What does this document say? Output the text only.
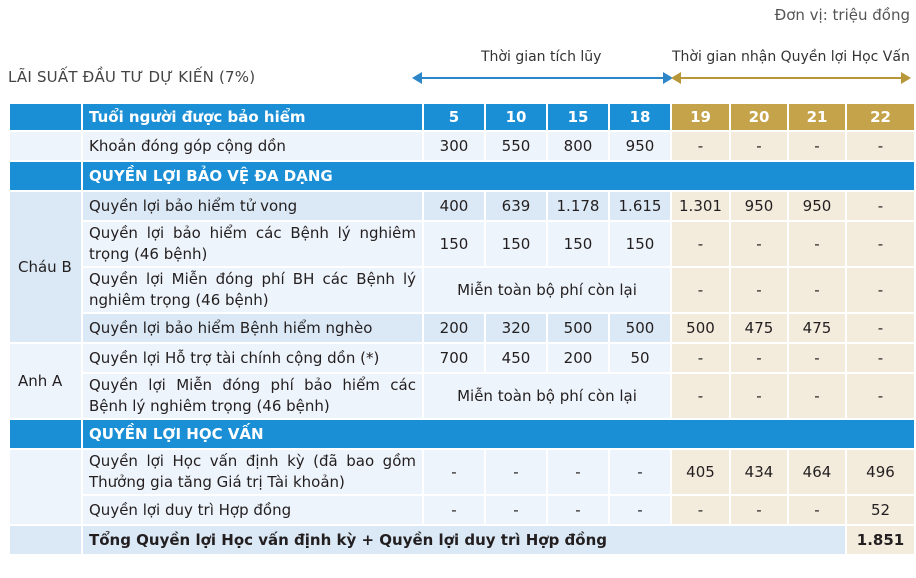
Đơn vị: triệu đồng
LÃI SUẤT ĐẦU TƯ DỰ KIẾN (7%)
Thời gian tích lũy	Thời gian nhận Quyền lợi Học Vấn
	Tuổi người được bảo hiểm	5	10	15	18	19	20	21	22
	Khoản đóng góp cộng dồn	300	550	800	950	-	-	-	-
	QUYỀN LỢI BẢO VỆ ĐA DẠNG								
Cháu B	Quyền lợi bảo hiểm tử vong	400	639	1.178	1.615	1.301	950	950	-
	Quyền lợi bảo hiểm các Bệnh lý nghiêm trọng (46 bệnh)	150	150	150	150	-	-	-	-
	Quyền lợi Miễn đóng phí BH các Bệnh lý nghiêm trọng (46 bệnh)	Miễn toàn bộ phí còn lại				-	-	-	-
	Quyền lợi bảo hiểm Bệnh hiểm nghèo	200	320	500	500	500	475	475	-
Anh A	Quyền lợi Hỗ trợ tài chính cộng dồn (*)	700	450	200	50	-	-	-	-
	Quyền lợi Miễn đóng phí bảo hiểm các Bệnh lý nghiêm trọng (46 bệnh)	Miễn toàn bộ phí còn lại				-	-	-	-
	QUYỀN LỢI HỌC VẤN								
	Quyền lợi Học vấn định kỳ (đã bao gồm Thưởng gia tăng Giá trị Tài khoản)	-	-	-	-	405	434	464	496
	Quyền lợi duy trì Hợp đồng	-	-	-	-	-	-	-	52
	Tổng Quyền lợi Học vấn định kỳ + Quyền lợi duy trì Hợp đồng								1.851
